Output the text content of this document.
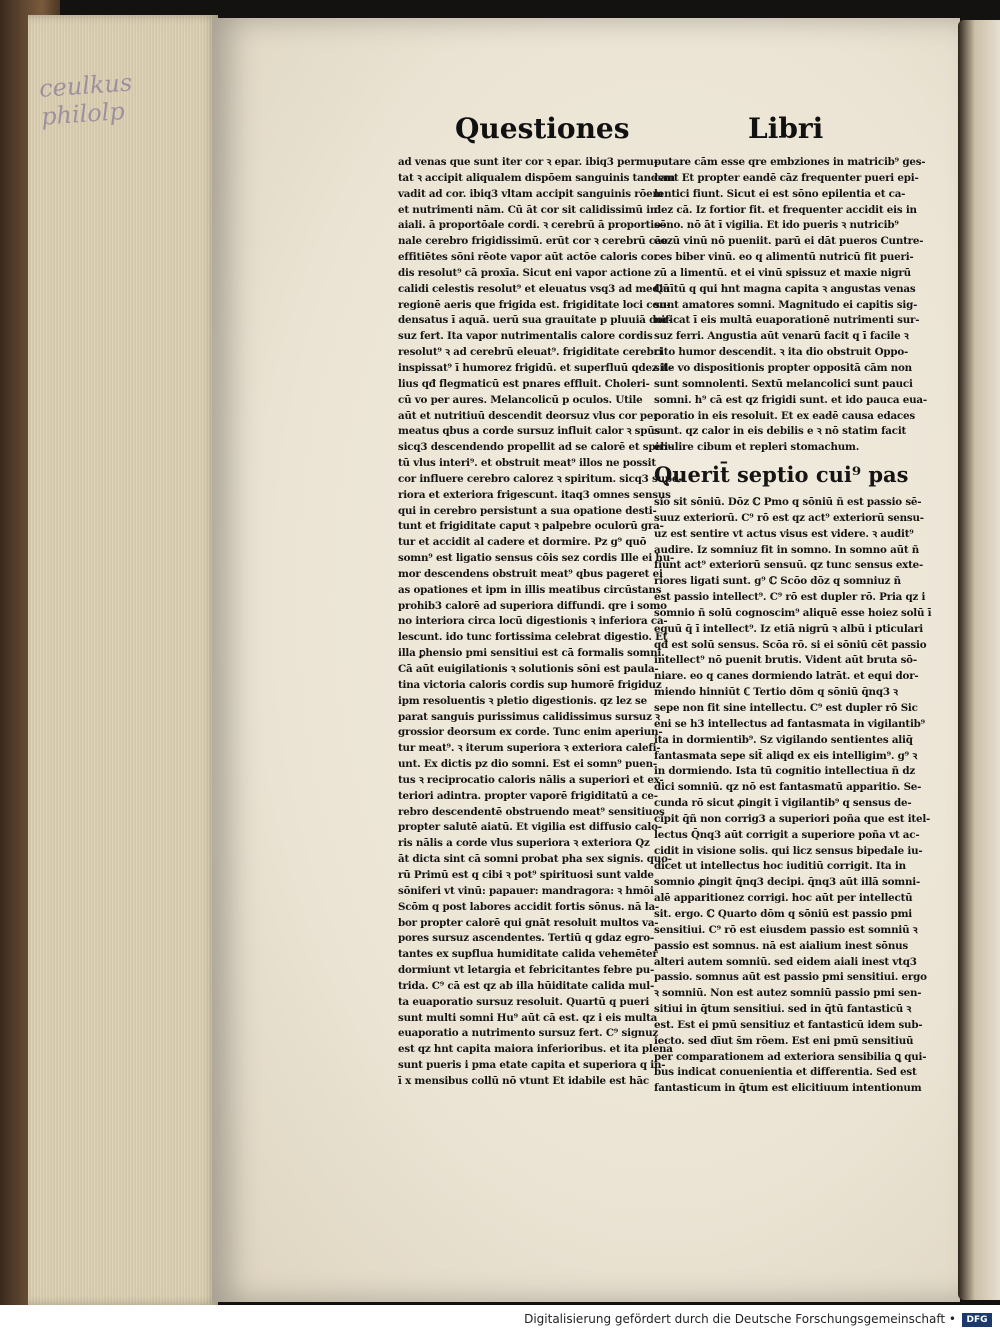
ceulkus
philolp	Questiones	Libri

ad venas que sunt iter cor ꝛ epar. ibiq3 permu-

tat ꝛ accipit aliqualem dispōem sanguinis tandem

vadit ad cor. ibiq3 vltam accipit sanguinis rōem

et nutrimenti nām. Cū āt cor sit calidissimū in

aiali. ā proportōale cordi. ꝛ cerebrū ā proportio-

nale cerebro frigidissimū. erūt cor ꝛ cerebrū cāe

effitiētes sōni rēote vapor aūt actōe caloris cor-

dis resolut⁹ cā proxīa. Sicut eni vapor actione

calidi celestis resolut⁹ et eleuatus vsq3 ad mediā

regionē aeris que frigida est. frigiditate loci con-

densatus ī aquā. uerū sua grauitate p pluuiā dor-

suz fert. Ita vapor nutrimentalis calore cordis

resolut⁹ ꝛ ad cerebrū eleuat⁹. frigiditate cerebri

inspissat⁹ ī humorez frigidū. et superfluū qdez il-

lius qđ flegmaticū est pnares effluit. Choleri-

cū vo per aures. Melancolicū p oculos. Utile

aūt et nutritiuū descendit deorsuz vlus cor per

meatus qbus a corde sursuz influit calor ꝛ spūs

sicq3 descendendo propellit ad se calorē et spiri-

tū vlus interi⁹. et obstruit meat⁹ illos ne possit

cor influere cerebro calorez ꝛ spiritum. sicq3 supe-

riora et exteriora frigescunt. itaq3 omnes sensus

qui in cerebro persistunt a sua opatione desti-

tunt et frigiditate caput ꝛ palpebre oculorū gra-

tur et accidit al cadere et dormire. Pz g⁹ quō

somn⁹ est ligatio sensus cōis sez cordis Ille ei hu-

mor descendens obstruit meat⁹ qbus pageret ei

as opationes et ipm in illis meatibus circūstans

prohib3 calorē ad superiora diffundi. qre i somo

no interiora circa locū digestionis ꝛ inferiora ca-

lescunt. ido tunc fortissima celebrat digestio. Et

illa ꝑhensio pmi sensitiui est cā formalis somni.

Cā aūt euigilationis ꝛ solutionis sōni est paula-

tina victoria caloris cordis sup humorē frigiduz

ipm resoluentis ꝛ pletio digestionis. qz lez se

parat sanguis purissimus calidissimus sursuz ꝛ

grossior deorsum ex corde. Tunc enim aperiun-

tur meat⁹. ꝛ iterum superiora ꝛ exteriora calefi-

unt. Ex dictis pz dio somni. Est ei somn⁹ puen-

tus ꝛ reciprocatio caloris nālis a superiori et ex-

teriori adintra. propter vaporē frigiditatū a ce-

rebro descendentē obstruendo meat⁹ sensitiuos

propter salutē aiatū. Et vigilia est diffusio calo-

ris nālis a corde vlus superiora ꝛ exteriora Qz

āt dicta sint cā somni probat pha sex signis. quo-

rū Primū est q cibi ꝛ pot⁹ spirituosi sunt valde

sōniferi vt vinū: papauer: mandragora: ꝛ hmōi

Scōm q post labores accidit fortis sōnus. nā la-

bor propter calorē qui gnāt resoluit multos va-

pores sursuz ascendentes. Tertiū q gdaz egro-

tantes ex supflua humiditate calida vehemēter

dormiunt vt letargia et febricitantes febre pu-

trida. C⁹ cā est qz ab illa hūiditate calida mul-

ta euaporatio sursuz resoluit. Quartū q pueri

sunt multi somni Hu⁹ aūt cā est. qz i eis multa

euaporatio a nutrimento sursuz fert. C⁹ signuz

est qz hnt capita maiora inferioribus. et ita plena

sunt pueris i pma etate capita et superiora q in-

ī x mensibus collū nō vtunt Et idabile est hāc

putare cām esse qre embziones in matricib⁹ ges-

cant Et propter eandē cāz frequenter pueri epi-

lentici fiunt. Sicut ei est sōno epilentia et ca-

dez cā. Iz fortior fit. et frequenter accidit eis in

sōno. nō āt ī vigilia. Et ido pueris ꝛ nutricib⁹

eozū vinū nō pueniit. parū ei dāt pueros Cuntre-

ces biber vinū. eo q alimentū nutricū fit pueri-

zū a limentū. et ei vinū spissuz et maxie nigrū

Quītū q qui hnt magna capita ꝛ angustas venas

sunt amatores somni. Magnitudo ei capitis sig-

nificat ī eis multā euaporationē nutrimenti sur-

suz ferri. Angustia aūt venarū facit q ī facile ꝛ

cito humor descendit. ꝛ ita dio obstruit Oppo-

site vo dispositionis propter oppositā cām non

sunt somnolenti. Sextū melancolici sunt pauci

somni. h⁹ cā est qz frigidi sunt. et ido pauca eua-

poratio in eis resoluit. Et ex eadē causa edaces

sunt. qz calor in eis debilis e ꝛ nō statim facit

ebulire cibum et repleri stomachum.

Querit̄ septio cui⁹ pas

sio sit sōniū. Dōz ℂ Pmo q sōniū ñ est passio sē-

suuz exteriorū. C⁹ rō est qz act⁹ exteriorū sensu-

uz est sentire vt actus visus est videre. ꝛ audit⁹

audire. Iz somniuz fit in somno. In somno aūt ñ

fiunt act⁹ exteriorū sensuū. qz tunc sensus exte-

riores ligati sunt. g⁹ ℂ Scōo dōz q somniuz ñ

est passio intellect⁹. C⁹ rō est dupler rō. Pria qz i

somnio ñ solū cognoscim⁹ aliquē esse hoiez solū ī

equū q̄ ī intellect⁹. Iz etiā nigrū ꝛ albū i pticulari

qđ est solū sensus. Scōa rō. si ei sōniū cēt passio

intellect⁹ nō puenit brutis. Vident aūt bruta sō-

niare. eo q canes dormiendo latrāt. et equi dor-

miendo hinniūt ℂ Tertio dōm q sōniū q̄nq3 ꝛ

sepe non fit sine intellectu. C⁹ est dupler rō Sic

eni se h3 intellectus ad fantasmata in vigilantib⁹

ita in dormientib⁹. Sz vigilando sentientes aliq̄

fantasmata sepe sit̄ aliqd ex eis intelligim⁹. g⁹ ꝛ

in dormiendo. Ista tū cognitio intellectiua ñ dz

dici somniū. qz nō est fantasmatū apparitio. Se-

cunda rō sicut ꝓingit ī vigilantib⁹ q sensus de-

cipit q̄ñ non corrig3 a superiori poña que est itel-

lectus Q̄nq3 aūt corrigit a superiore poña vt ac-

cidit in visione solis. qui licz sensus bipedale iu-

dicet ut intellectus hoc iuditiū corrigit. Ita in

somnio ꝓingit q̄nq3 decipi. q̄nq3 aūt illā somni-

alē apparitionez corrigi. hoc aūt per intellectū

sit. ergo. ℂ Quarto dōm q sōniū est passio pmi

sensitiui. C⁹ rō est eiusdem passio est somniū ꝛ

passio est somnus. nā est aialium inest sōnus

alteri autem somniū. sed eidem aiali inest vtq3

passio. somnus aūt est passio pmi sensitiui. ergo

ꝛ somniū. Non est autez somniū passio pmi sen-

sitiui in q̄tum sensitiui. sed in q̄tū fantasticū ꝛ

est. Est ei pmū sensitiuz et fantasticū idem sub-

iecto. sed dīut s̄m rōem. Est eni pmū sensitiuū

per comparationem ad exteriora sensibilia ꝗ qui-

bus indicat conuenientia et differentia. Sed est

fantasticum in q̄tum est elicitiuum intentionum

Digitalisierung gefördert durch die Deutsche Forschungsgemeinschaft •	DFG
